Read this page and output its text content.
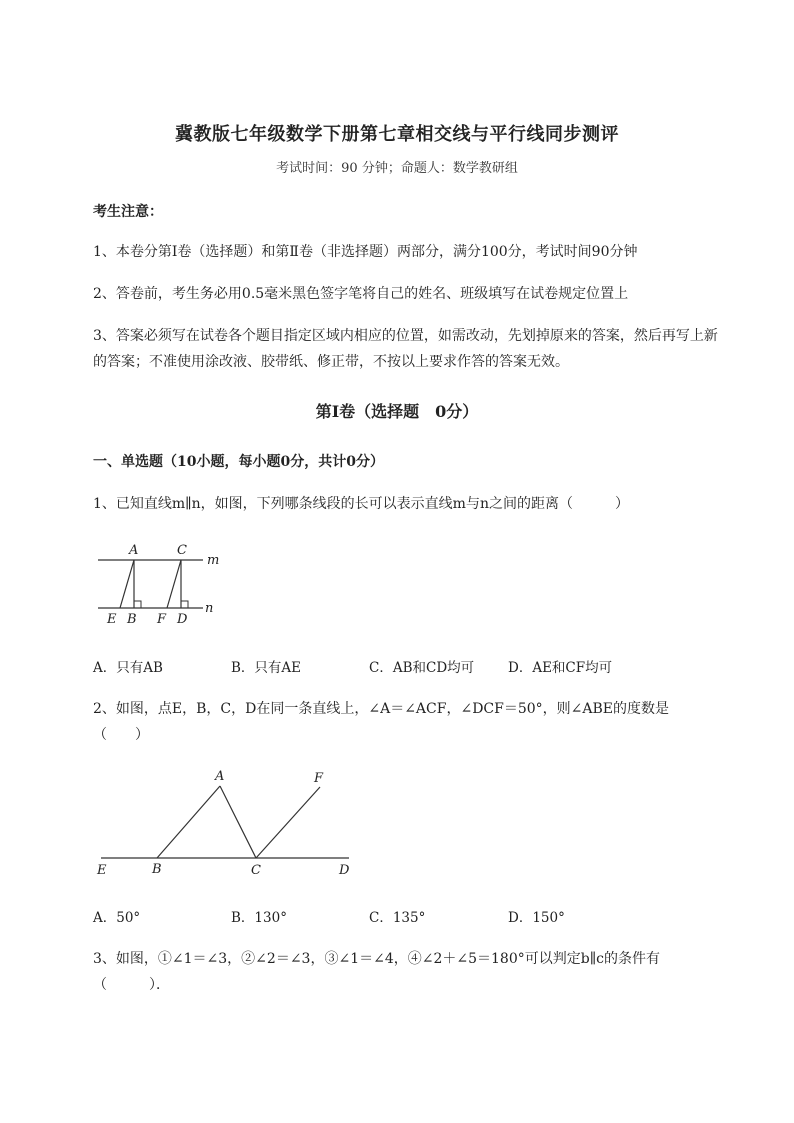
冀教版七年级数学下册第七章相交线与平行线同步测评
考试时间：90 分钟；命题人：数学教研组
考生注意：
1、本卷分第Ⅰ卷（选择题）和第Ⅱ卷（非选择题）两部分，满分100分，考试时间90分钟
2、答卷前，考生务必用0.5毫米黑色签字笔将自己的姓名、班级填写在试卷规定位置上
3、答案必须写在试卷各个题目指定区域内相应的位置，如需改动，先划掉原来的答案，然后再写上新
的答案；不准使用涂改液、胶带纸、修正带，不按以上要求作答的答案无效。
第Ⅰ卷（选择题　0分）
一、单选题（10小题，每小题0分，共计0分）
1、已知直线m∥n，如图，下列哪条线段的长可以表示直线m与n之间的距离（　　　）
A	C
m
n
E B F D
A．只有AB	B．只有AE	C．AB和CD均可	D．AE和CF均可
2、如图，点E，B，C，D在同一条直线上，∠A＝∠ACF，∠DCF＝50°，则∠ABE的度数是
（　　）
A	F
E	B	C	D
A．50°	B．130°	C．135°	D．150°
3、如图，①∠1＝∠3，②∠2＝∠3，③∠1＝∠4，④∠2＋∠5＝180°可以判定b∥c的条件有
（　　　）．
